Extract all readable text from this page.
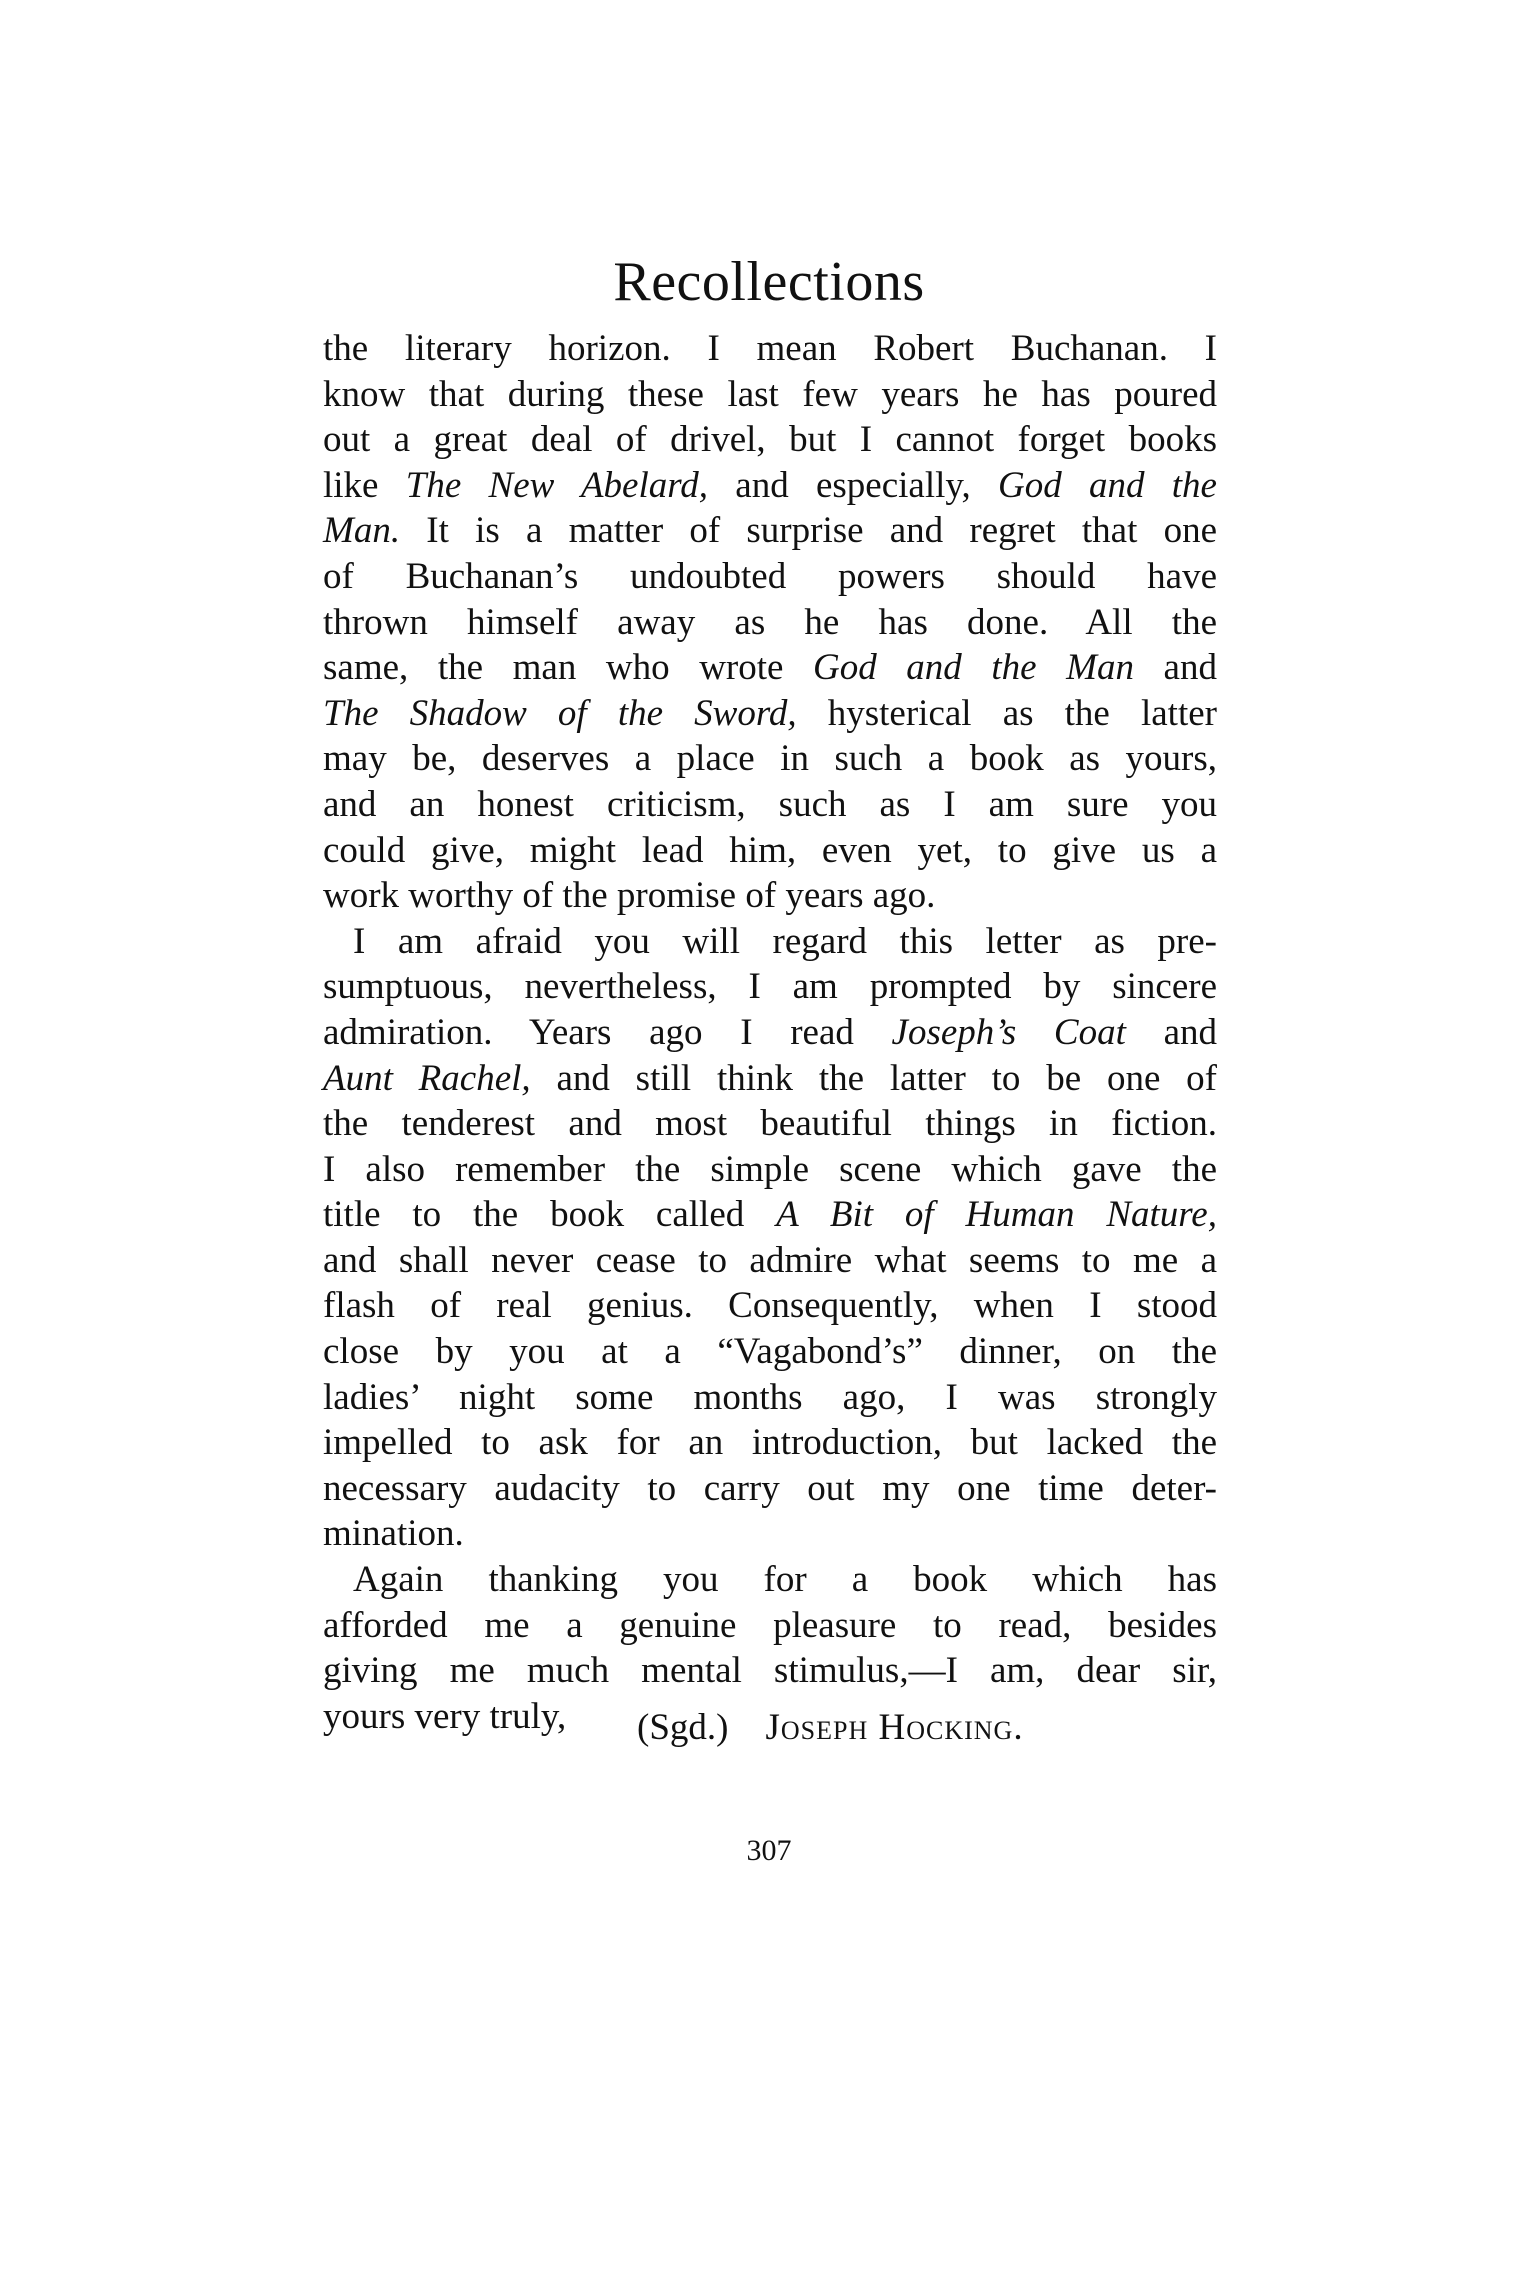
Recollections
the literary horizon. I mean Robert Buchanan. I
know that during these last few years he has poured
out a great deal of drivel, but I cannot forget books
like The New Abelard, and especially, God and the
Man. It is a matter of surprise and regret that one
of Buchanan’s undoubted powers should have
thrown himself away as he has done. All the
same, the man who wrote God and the Man and
The Shadow of the Sword, hysterical as the latter
may be, deserves a place in such a book as yours,
and an honest criticism, such as I am sure you
could give, might lead him, even yet, to give us a
work worthy of the promise of years ago.
I am afraid you will regard this letter as pre-
sumptuous, nevertheless, I am prompted by sincere
admiration. Years ago I read Joseph’s Coat and
Aunt Rachel, and still think the latter to be one of
the tenderest and most beautiful things in fiction.
I also remember the simple scene which gave the
title to the book called A Bit of Human Nature,
and shall never cease to admire what seems to me a
flash of real genius. Consequently, when I stood
close by you at a “Vagabond’s” dinner, on the
ladies’ night some months ago, I was strongly
impelled to ask for an introduction, but lacked the
necessary audacity to carry out my one time deter-
mination.
Again thanking you for a book which has
afforded me a genuine pleasure to read, besides
giving me much mental stimulus,—I am, dear sir,
yours very truly,	(Sgd.) Joseph Hocking.
307
